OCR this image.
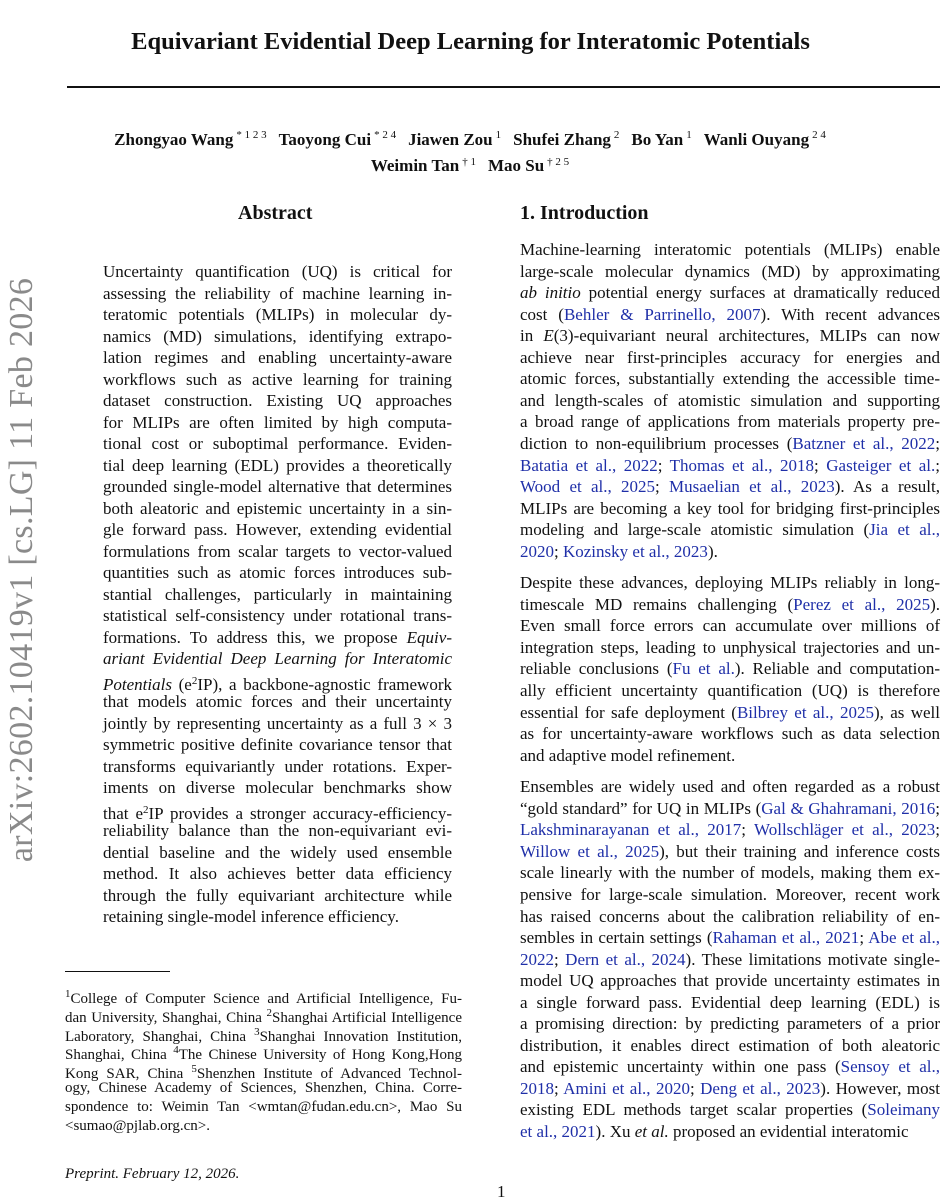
arXiv:2602.10419v1 [cs.LG] 11 Feb 2026
Equivariant Evidential Deep Learning for Interatomic Potentials
Zhongyao Wang $^{* 1 2 3}$ Taoyong Cui $^{* 2 4}$ Jiawen Zou $^1$ Shufei Zhang $^2$ Bo Yan $^1$ Wanli Ouyang $^{2 4}$
Weimin Tan $^{\dagger 1}$ Mao Su $^{\dagger 2 5}$
Abstract	1. Introduction
Uncertainty quantification (UQ) is critical for
assessing the reliability of machine learning in-
teratomic potentials (MLIPs) in molecular dy-
namics (MD) simulations, identifying extrapo-
lation regimes and enabling uncertainty-aware
workflows such as active learning for training
dataset construction. Existing UQ approaches
for MLIPs are often limited by high computa-
tional cost or suboptimal performance. Eviden-
tial deep learning (EDL) provides a theoretically
grounded single-model alternative that determines
both aleatoric and epistemic uncertainty in a sin-
gle forward pass. However, extending evidential
formulations from scalar targets to vector-valued
quantities such as atomic forces introduces sub-
stantial challenges, particularly in maintaining
statistical self-consistency under rotational trans-
formations. To address this, we propose Equiv-
ariant Evidential Deep Learning for Interatomic
Potentials $(e^2IP)$, a backbone-agnostic framework
that models atomic forces and their uncertainty
jointly by representing uncertainty as a full 3 × 3
symmetric positive definite covariance tensor that
transforms equivariantly under rotations. Exper-
iments on diverse molecular benchmarks show
that $e^2IP$ provides a stronger accuracy-efficiency-
reliability balance than the non-equivariant evi-
dential baseline and the widely used ensemble
method. It also achieves better data efficiency
through the fully equivariant architecture while
retaining single-model inference efficiency.
Machine-learning interatomic potentials (MLIPs) enable
large-scale molecular dynamics (MD) by approximating
ab initio potential energy surfaces at dramatically reduced
cost (Behler & Parrinello, 2007). With recent advances
in E(3)-equivariant neural architectures, MLIPs can now
achieve near first-principles accuracy for energies and
atomic forces, substantially extending the accessible time-
and length-scales of atomistic simulation and supporting
a broad range of applications from materials property pre-
diction to non-equilibrium processes (Batzner et al., 2022;
Batatia et al., 2022; Thomas et al., 2018; Gasteiger et al.;
Wood et al., 2025; Musaelian et al., 2023). As a result,
MLIPs are becoming a key tool for bridging first-principles
modeling and large-scale atomistic simulation (Jia et al.,
2020; Kozinsky et al., 2023).
Despite these advances, deploying MLIPs reliably in long-
timescale MD remains challenging (Perez et al., 2025).
Even small force errors can accumulate over millions of
integration steps, leading to unphysical trajectories and un-
reliable conclusions (Fu et al.). Reliable and computation-
ally efficient uncertainty quantification (UQ) is therefore
essential for safe deployment (Bilbrey et al., 2025), as well
as for uncertainty-aware workflows such as data selection
and adaptive model refinement.
Ensembles are widely used and often regarded as a robust
“gold standard” for UQ in MLIPs (Gal & Ghahramani, 2016;
Lakshminarayanan et al., 2017; Wollschläger et al., 2023;
Willow et al., 2025), but their training and inference costs
scale linearly with the number of models, making them ex-
pensive for large-scale simulation. Moreover, recent work
has raised concerns about the calibration reliability of en-
sembles in certain settings (Rahaman et al., 2021; Abe et al.,
2022; Dern et al., 2024). These limitations motivate single-
model UQ approaches that provide uncertainty estimates in
a single forward pass. Evidential deep learning (EDL) is
a promising direction: by predicting parameters of a prior
distribution, it enables direct estimation of both aleatoric
and epistemic uncertainty within one pass (Sensoy et al.,
2018; Amini et al., 2020; Deng et al., 2023). However, most
existing EDL methods target scalar properties (Soleimany
et al., 2021). Xu et al. proposed an evidential interatomic
$^1$College of Computer Science and Artificial Intelligence, Fu-
dan University, Shanghai, China $^2$Shanghai Artificial Intelligence
Laboratory, Shanghai, China $^3$Shanghai Innovation Institution,
Shanghai, China $^4$The Chinese University of Hong Kong,Hong
Kong SAR, China $^5$Shenzhen Institute of Advanced Technol-
ogy, Chinese Academy of Sciences, Shenzhen, China. Corre-
spondence to: Weimin Tan <wmtan@fudan.edu.cn>, Mao Su
<sumao@pjlab.org.cn>.
Preprint. February 12, 2026.
1
